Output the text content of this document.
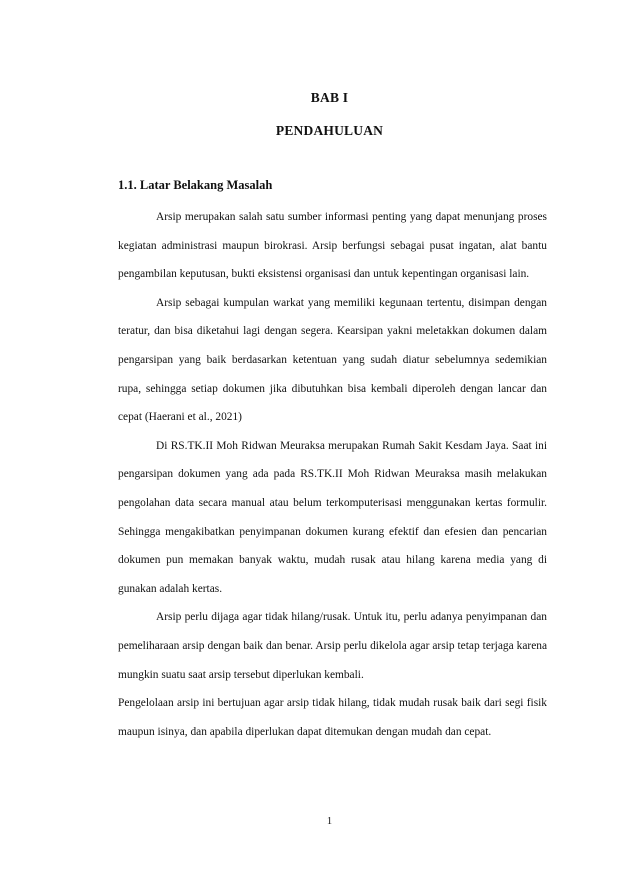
BAB I
PENDAHULUAN
1.1. Latar Belakang Masalah

Arsip merupakan salah satu sumber informasi penting yang dapat menunjang proses kegiatan administrasi maupun birokrasi. Arsip berfungsi sebagai pusat ingatan, alat bantu pengambilan keputusan, bukti eksistensi organisasi dan untuk kepentingan organisasi lain.

Arsip sebagai kumpulan warkat yang memiliki kegunaan tertentu, disimpan dengan teratur, dan bisa diketahui lagi dengan segera. Kearsipan yakni meletakkan dokumen dalam pengarsipan yang baik berdasarkan ketentuan yang sudah diatur sebelumnya sedemikian rupa, sehingga setiap dokumen jika dibutuhkan bisa kembali diperoleh dengan lancar dan cepat (Haerani et al., 2021)

Di RS.TK.II Moh Ridwan Meuraksa merupakan Rumah Sakit Kesdam Jaya. Saat ini pengarsipan dokumen yang ada pada RS.TK.II Moh Ridwan Meuraksa masih melakukan pengolahan data secara manual atau belum terkomputerisasi menggunakan kertas formulir. Sehingga mengakibatkan penyimpanan dokumen kurang efektif dan efesien dan pencarian dokumen pun memakan banyak waktu, mudah rusak atau hilang karena media yang di gunakan adalah kertas.

Arsip perlu dijaga agar tidak hilang/rusak. Untuk itu, perlu adanya penyimpanan dan pemeliharaan arsip dengan baik dan benar. Arsip perlu dikelola agar arsip tetap terjaga karena mungkin suatu saat arsip tersebut diperlukan kembali.

Pengelolaan arsip ini bertujuan agar arsip tidak hilang, tidak mudah rusak baik dari segi fisik maupun isinya, dan apabila diperlukan dapat ditemukan dengan mudah dan cepat.

1
